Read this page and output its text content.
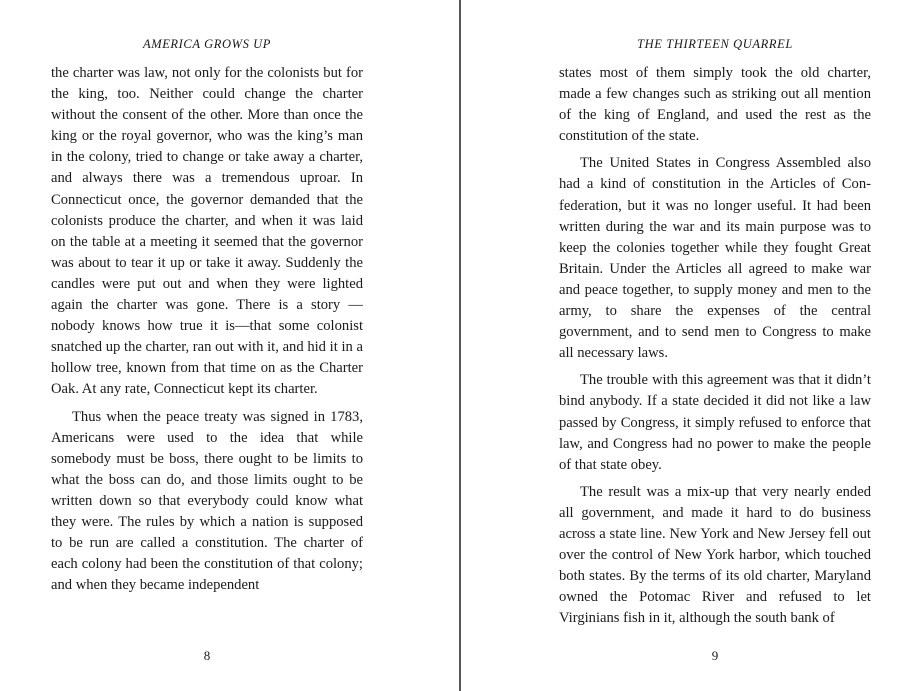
AMERICA GROWS UP

the charter was law, not only for the colonists but for the king, too. Neither could change the charter without the consent of the other. More than once the king or the royal governor, who was the king’s man in the colony, tried to change or take away a charter, and always there was a tremendous uproar. In Connecticut once, the governor demanded that the colonists produce the charter, and when it was laid on the table at a meeting it seemed that the governor was about to tear it up or take it away. Suddenly the candles were put out and when they were lighted again the charter was gone. There is a story — nobody knows how true it is—that some colonist snatched up the charter, ran out with it, and hid it in a hollow tree, known from that time on as the Charter Oak. At any rate, Connecticut kept its charter.

Thus when the peace treaty was signed in 1783, Americans were used to the idea that while somebody must be boss, there ought to be limits to what the boss can do, and those limits ought to be written down so that everybody could know what they were. The rules by which a nation is supposed to be run are called a constitution. The charter of each colony had been the constitution of that colony; and when they became independent

8
THE THIRTEEN QUARREL

states most of them simply took the old charter, made a few changes such as striking out all mention of the king of England, and used the rest as the constitution of the state.

The United States in Congress Assembled also had a kind of constitution in the Articles of Confederation, but it was no longer useful. It had been written during the war and its main purpose was to keep the colonies together while they fought Great Britain. Under the Articles all agreed to make war and peace together, to supply money and men to the army, to share the expenses of the central government, and to send men to Congress to make all necessary laws.

The trouble with this agreement was that it didn’t bind anybody. If a state decided it did not like a law passed by Congress, it simply refused to enforce that law, and Congress had no power to make the people of that state obey.

The result was a mix-up that very nearly ended all government, and made it hard to do business across a state line. New York and New Jersey fell out over the control of New York harbor, which touched both states. By the terms of its old charter, Maryland owned the Potomac River and refused to let Virginians fish in it, although the south bank of

9
